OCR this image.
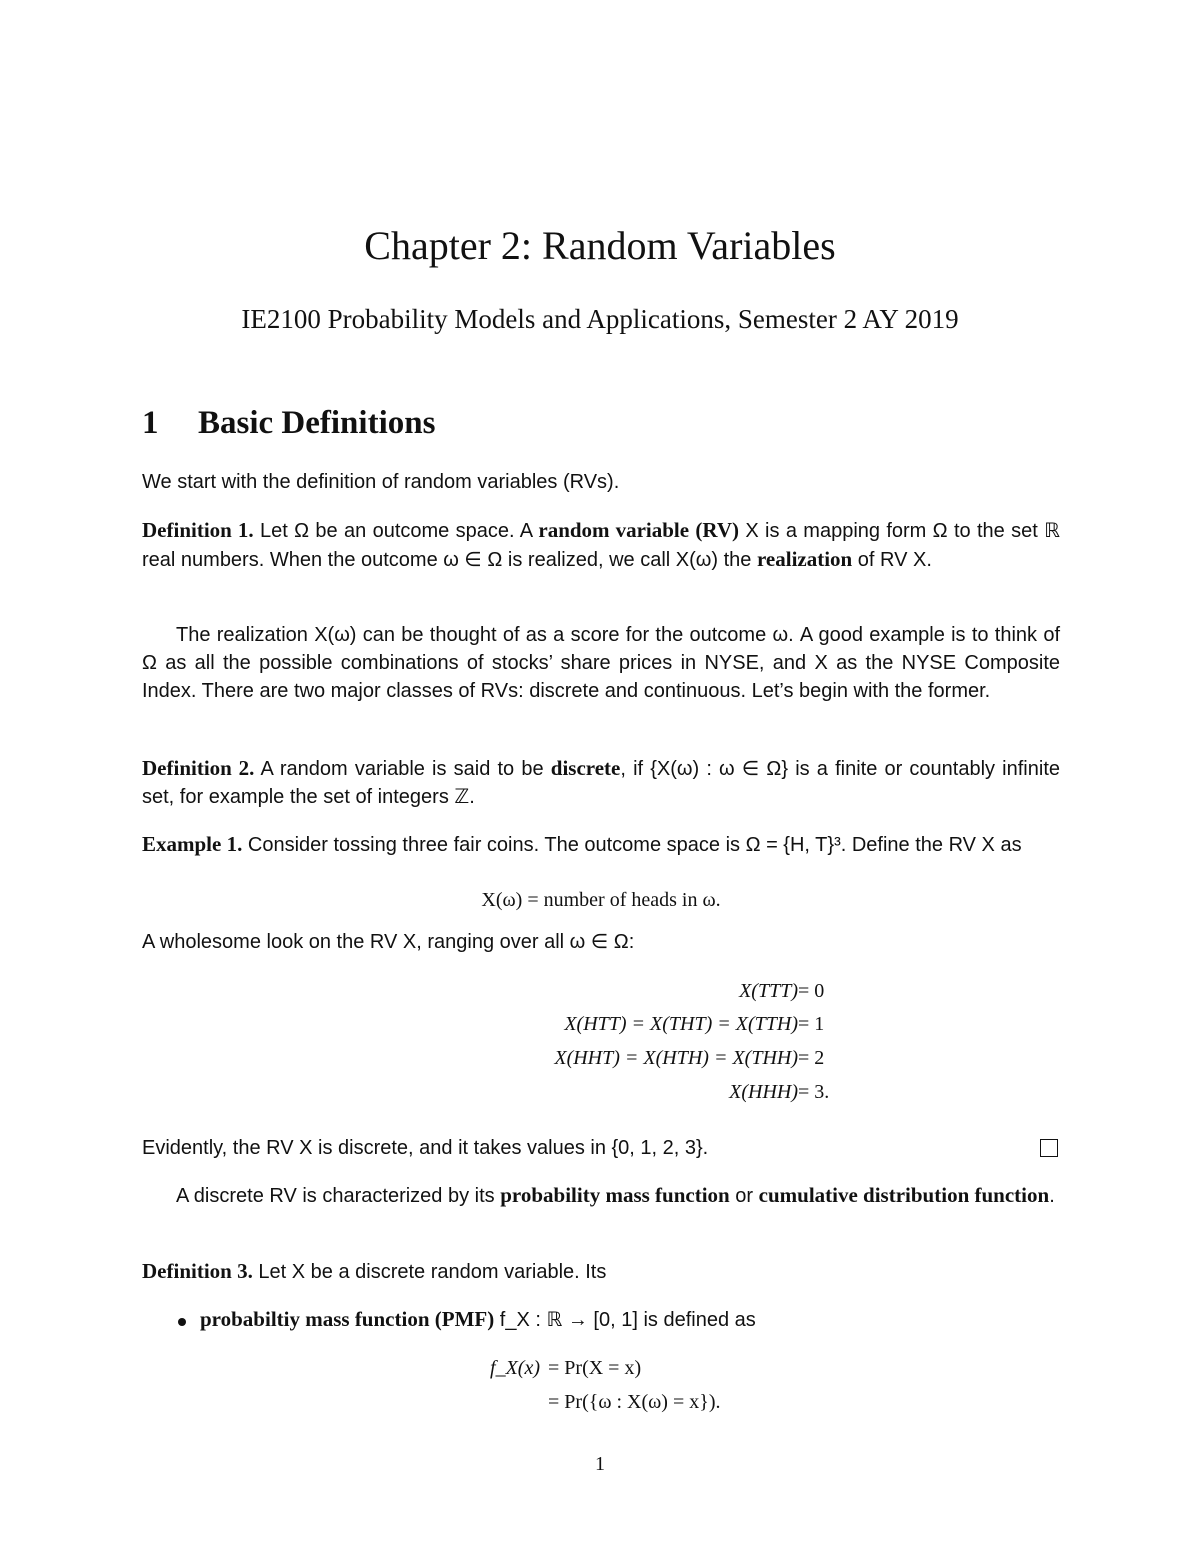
Chapter 2: Random Variables
IE2100 Probability Models and Applications, Semester 2 AY 2019
1 Basic Definitions

We start with the definition of random variables (RVs).

Definition 1. Let Ω be an outcome space. A random variable (RV) X is a mapping form Ω to the set ℝ real numbers. When the outcome ω ∈ Ω is realized, we call X(ω) the realization of RV X.

The realization X(ω) can be thought of as a score for the outcome ω. A good example is to think of Ω as all the possible combinations of stocks’ share prices in NYSE, and X as the NYSE Composite Index. There are two major classes of RVs: discrete and continuous. Let’s begin with the former.

Definition 2. A random variable is said to be discrete, if {X(ω) : ω ∈ Ω} is a finite or countably infinite set, for example the set of integers ℤ.

Example 1. Consider tossing three fair coins. The outcome space is Ω = {H, T}³. Define the RV X as

X(ω) = number of heads in ω.

A wholesome look on the RV X, ranging over all ω ∈ Ω:

X(TTT) = 0
X(HTT) = X(THT) = X(TTH) = 1
X(HHT) = X(HTH) = X(THH) = 2
X(HHH) = 3.

Evidently, the RV X is discrete, and it takes values in {0, 1, 2, 3}.

A discrete RV is characterized by its probability mass function or cumulative distribution function.

Definition 3. Let X be a discrete random variable. Its

probabiltiy mass function (PMF) f_X : ℝ → [0, 1] is defined as

f_X(x) = Pr(X = x)
= Pr({ω : X(ω) = x}).
1
